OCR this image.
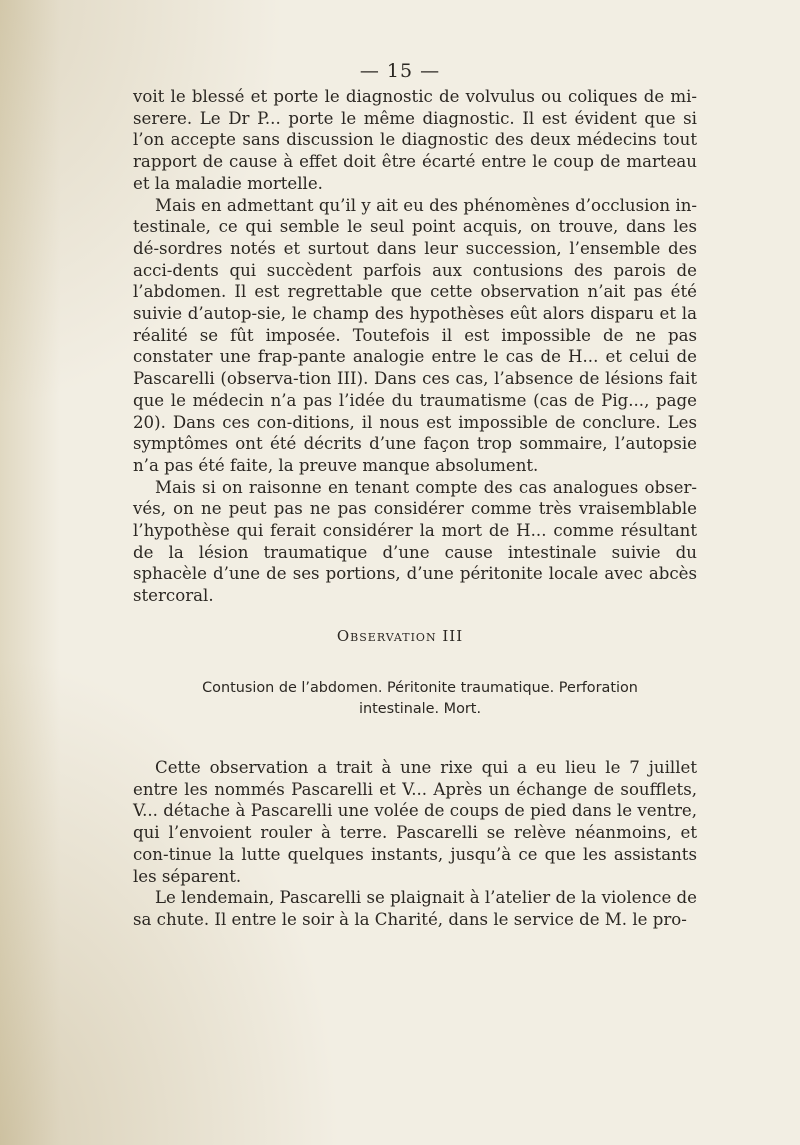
— 15 —

voit le blessé et porte le diagnostic de volvulus ou coliques de mi-serere. Le Dr P... porte le même diagnostic. Il est évident que si l’on accepte sans discussion le diagnostic des deux médecins tout rapport de cause à effet doit être écarté entre le coup de marteau et la maladie mortelle.

Mais en admettant qu’il y ait eu des phénomènes d’occlusion in-testinale, ce qui semble le seul point acquis, on trouve, dans les dé-sordres notés et surtout dans leur succession, l’ensemble des acci-dents qui succèdent parfois aux contusions des parois de l’abdomen. Il est regrettable que cette observation n’ait pas été suivie d’autop-sie, le champ des hypothèses eût alors disparu et la réalité se fût imposée. Toutefois il est impossible de ne pas constater une frap-pante analogie entre le cas de H... et celui de Pascarelli (observa-tion III). Dans ces cas, l’absence de lésions fait que le médecin n’a pas l’idée du traumatisme (cas de Pig..., page 20). Dans ces con-ditions, il nous est impossible de conclure. Les symptômes ont été décrits d’une façon trop sommaire, l’autopsie n’a pas été faite, la preuve manque absolument.

Mais si on raisonne en tenant compte des cas analogues obser-vés, on ne peut pas ne pas considérer comme très vraisemblable l’hypothèse qui ferait considérer la mort de H... comme résultant de la lésion traumatique d’une cause intestinale suivie du sphacèle d’une de ses portions, d’une péritonite locale avec abcès stercoral.

Observation III
Contusion de l’abdomen. Péritonite traumatique. Perforation intestinale. Mort.

Cette observation a trait à une rixe qui a eu lieu le 7 juillet entre les nommés Pascarelli et V... Après un échange de soufflets, V... détache à Pascarelli une volée de coups de pied dans le ventre, qui l’envoient rouler à terre. Pascarelli se relève néanmoins, et con-tinue la lutte quelques instants, jusqu’à ce que les assistants les séparent.

Le lendemain, Pascarelli se plaignait à l’atelier de la violence de sa chute. Il entre le soir à la Charité, dans le service de M. le pro-
